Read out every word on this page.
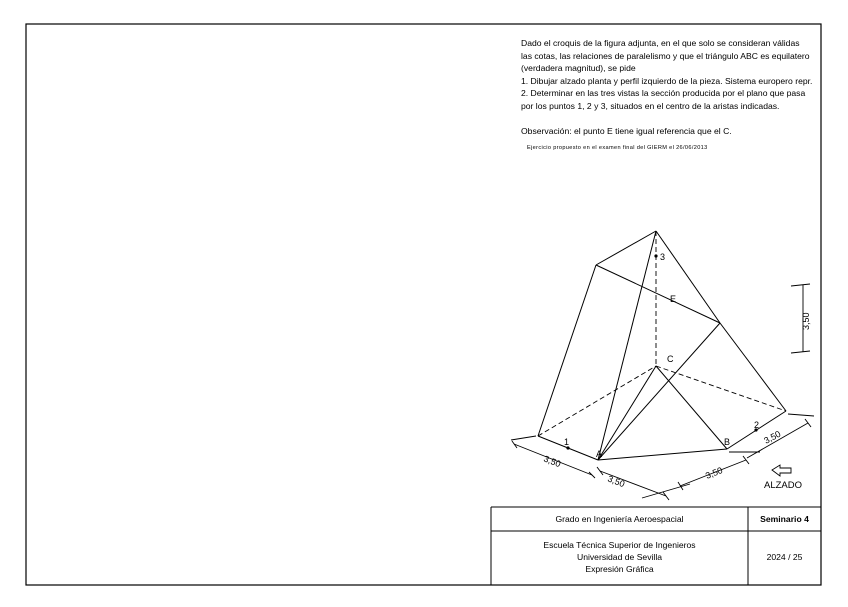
A
B
C
E
1
2
3
3,50
3,50
3,50
3,50
3,50
ALZADO

Dado el croquis de la figura adjunta, en el que solo se consideran válidas

las cotas, las relaciones de paralelismo y que el triángulo ABC es equilatero

(verdadera magnitud), se pide

1. Dibujar alzado planta y perfil izquierdo de la pieza. Sistema europero repr.

2. Determinar en las tres vistas la sección producida por el plano que pasa

por los puntos 1, 2 y 3, situados en el centro de la aristas indicadas.

Observación: el punto E tiene igual referencia que el C.

Ejercicio propuesto en el examen final del GIERM el 26/06/2013
Grado en Ingeniería Aeroespacial	Seminario 4
Escuela Técnica Superior de Ingenieros
Universidad de Sevilla
Expresión Gráfica
2024 / 25
